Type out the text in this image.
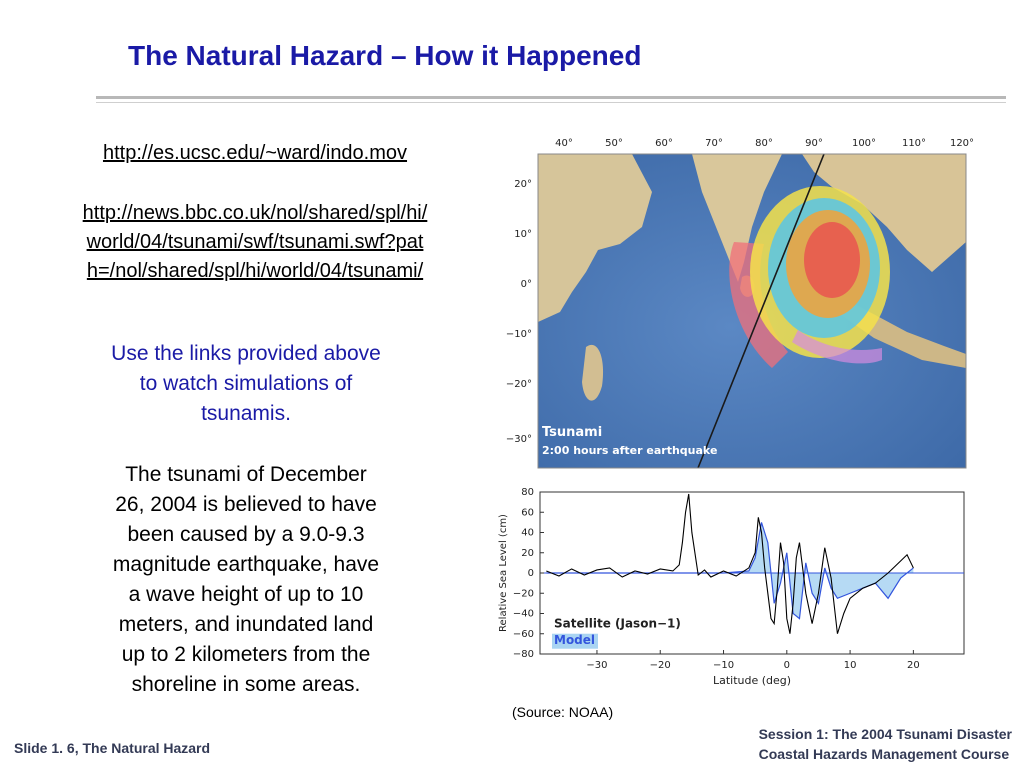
The Natural Hazard – How it Happened
http://es.ucsc.edu/~ward/indo.mov
http://news.bbc.co.uk/nol/shared/spl/hi/
world/04/tsunami/swf/tsunami.swf?pat
h=/nol/shared/spl/hi/world/04/tsunami/
Use the links provided above
to watch simulations of
tsunamis.
The tsunami of December
26, 2004 is believed to have
been caused by a 9.0-9.3
magnitude earthquake, have
a wave height of up to 10
meters, and inundated land
up to 2 kilometers from the
shoreline in some areas.
40°	50°	60°	70°	80°	90°	100°	110° 120°
20°
10°
0°
−10°
−20°
−30° Tsunami
2:00 hours after earthquake
−30	−20	−10	0	10	20
80
60
40
20
0
−20
−40
−60
−80
Latitude (deg)
Relative Sea Level (cm)	Satellite (Jason−1)
Model
(Source: NOAA)
Slide 1. 6, The Natural Hazard
Session 1: The 2004 Tsunami Disaster
Coastal Hazards Management Course
